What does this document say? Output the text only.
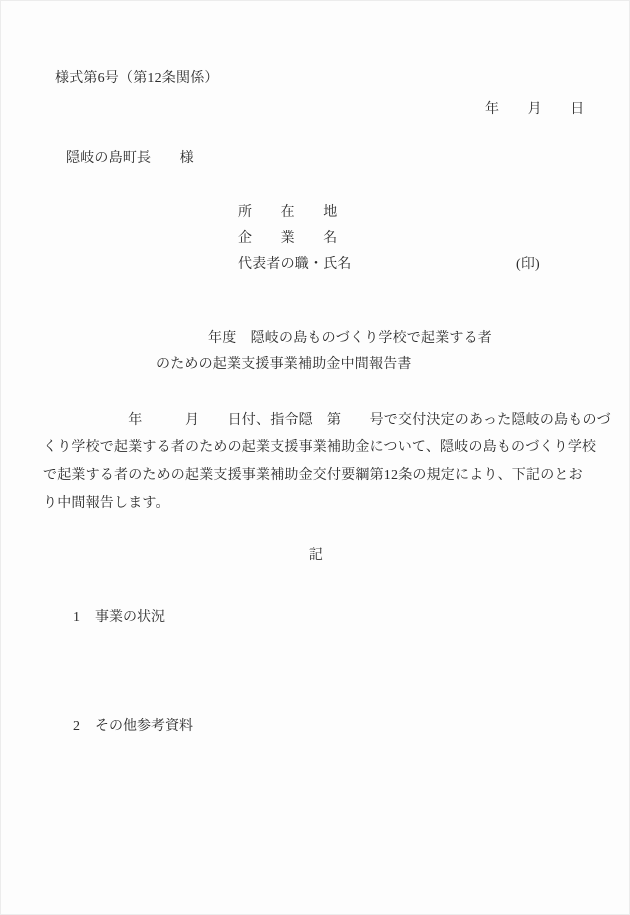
様式第6号（第12条関係）
年　　月　　日
隠岐の島町長　　様
所　　在　　地
企　　業　　名
代表者の職・氏名	(印)
年度　隠岐の島ものづくり学校で起業する者
のための起業支援事業補助金中間報告書
　　　　　　年　　　月　　日付、指令隠　第　　号で交付決定のあった隠岐の島ものづ
くり学校で起業する者のための起業支援事業補助金について、隠岐の島ものづくり学校
で起業する者のための起業支援事業補助金交付要綱第12条の規定により、下記のとお
り中間報告します。
記

1 事業の状況

2 その他参考資料
